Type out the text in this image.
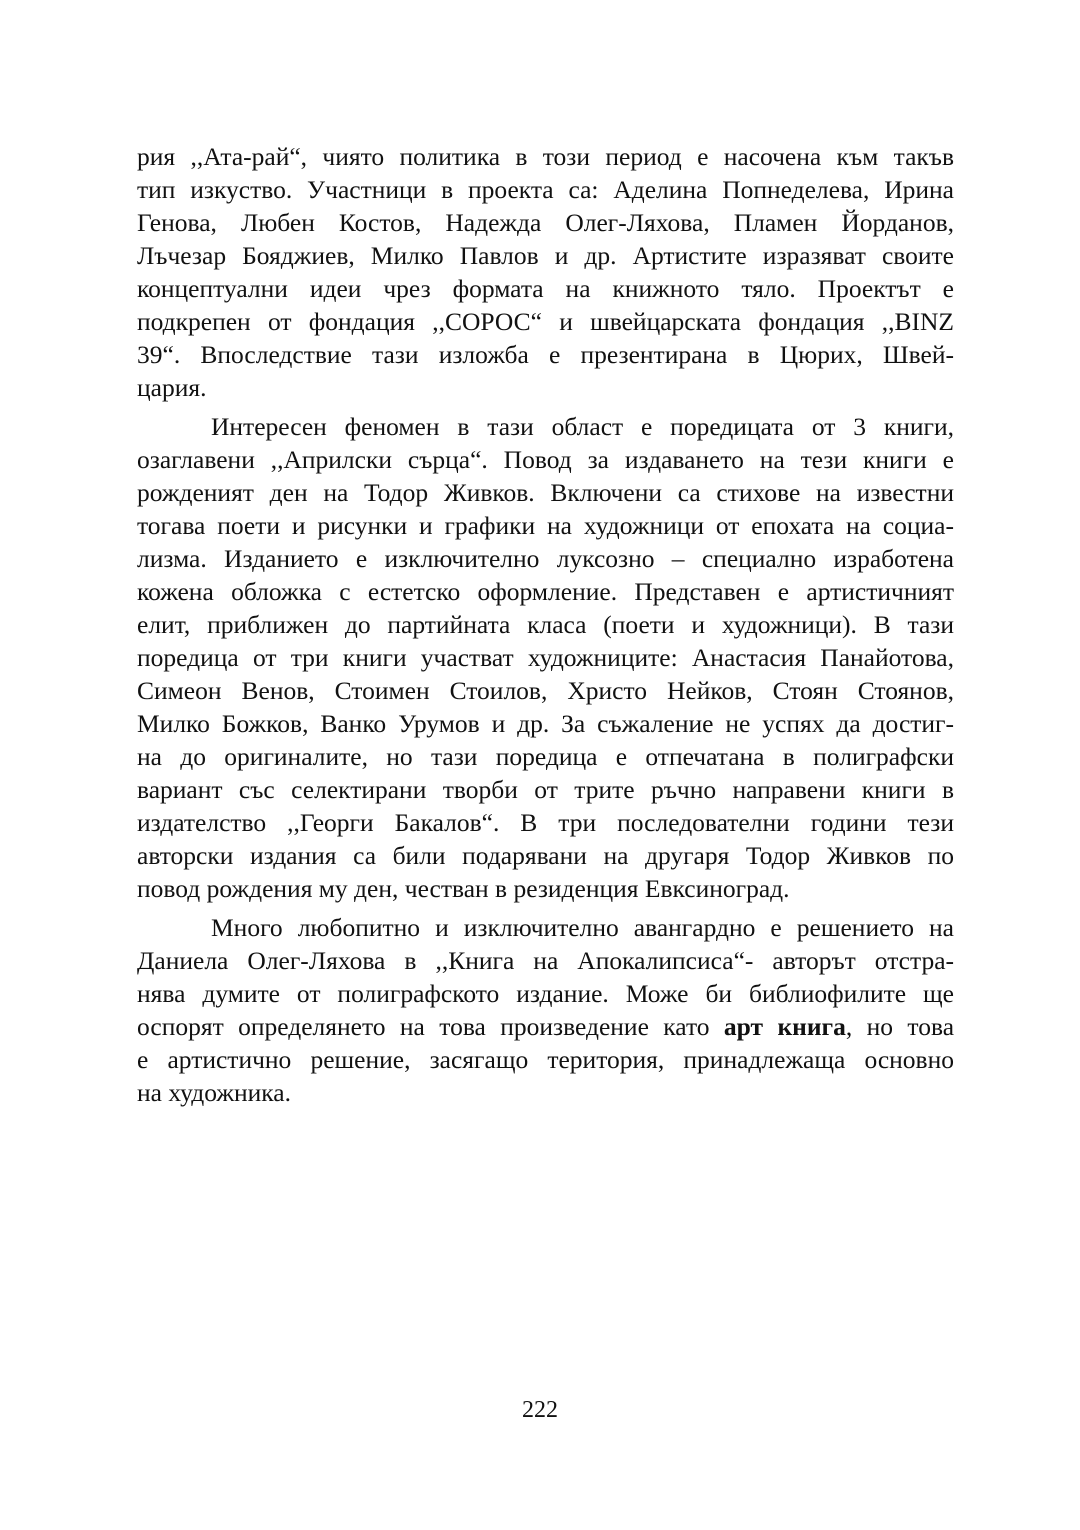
рия ,,Ата-рай“, чиято политика в този период е насочена към такъв
тип изкуство. Участници в проекта са: Аделина Попнеделева, Ирина
Генова, Любен Костов, Надежда Олег-Ляхова, Пламен Йорданов,
Лъчезар Бояджиев, Милко Павлов и др. Артистите изразяват своите
концептуални идеи чрез формата на книжното тяло. Проектът е
подкрепен от фондация ,,СОРОС“ и швейцарската фондация ,,BINZ
39“. Впоследствие тази изложба е презентирана в Цюрих, Швей-
цария.
Интересен феномен в тази област е поредицата от 3 книги,
озаглавени ,,Априлски сърца“. Повод за издаването на тези книги е
рожденият ден на Тодор Живков. Включени са стихове на известни
тогава поети и рисунки и графики на художници от епохата на социа-
лизма. Изданието е изключително луксозно – специално изработена
кожена обложка с естетско оформление. Представен е артистичният
елит, приближен до партийната класа (поети и художници). В тази
поредица от три книги участват художниците: Анастасия Панайотова,
Симеон Венов, Стоимен Стоилов, Христо Нейков, Стоян Стоянов,
Милко Божков, Ванко Урумов и др. За съжаление не успях да достиг-
на до оригиналите, но тази поредица е отпечатана в полиграфски
вариант със селектирани творби от трите ръчно направени книги в
издателство ,,Георги Бакалов“. В три последователни години тези
авторски издания са били подарявани на другаря Тодор Живков по
повод рождения му ден, честван в резиденция Евксиноград.
Много любопитно и изключително авангардно е решението на
Даниела Олег-Ляхова в ,,Книга на Апокалипсиса“- авторът отстра-
нява думите от полиграфското издание. Може би библиофилите ще
оспорят определянето на това произведение като арт книга, но това
е артистично решение, засягащо територия, принадлежаща основно
на художника.
222
